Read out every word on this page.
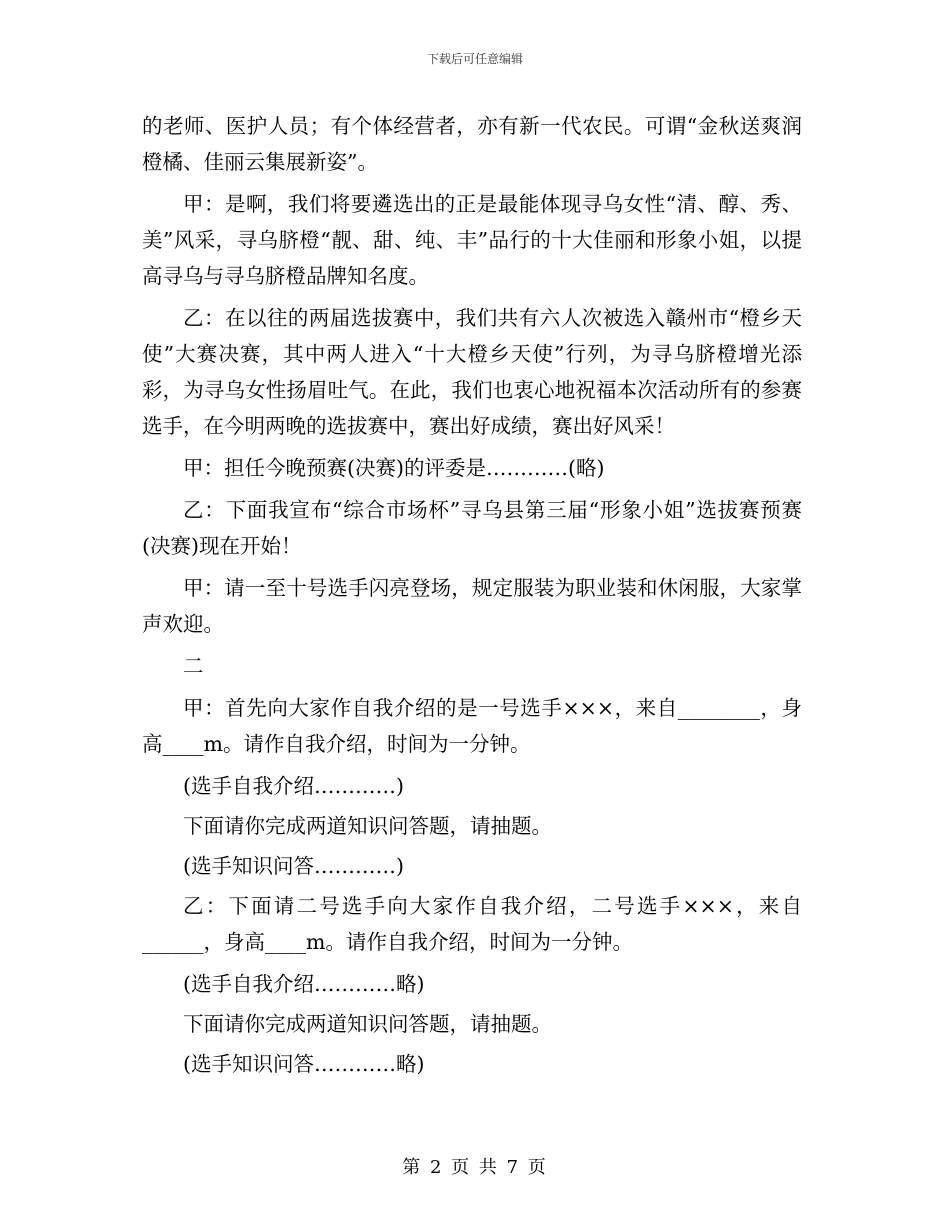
下载后可任意编辑

的老师、医护人员；有个体经营者，亦有新一代农民。可谓“金秋送爽润橙橘、佳丽云集展新姿”。

甲：是啊，我们将要遴选出的正是最能体现寻乌女性“清、醇、秀、美”风采，寻乌脐橙“靓、甜、纯、丰”品行的十大佳丽和形象小姐，以提高寻乌与寻乌脐橙品牌知名度。

乙：在以往的两届选拔赛中，我们共有六人次被选入赣州市“橙乡天使”大赛决赛，其中两人进入“十大橙乡天使”行列，为寻乌脐橙增光添彩，为寻乌女性扬眉吐气。在此，我们也衷心地祝福本次活动所有的参赛选手，在今明两晚的选拔赛中，赛出好成绩，赛出好风采！

甲：担任今晚预赛(决赛)的评委是…………(略)

乙：下面我宣布“综合市场杯”寻乌县第三届“形象小姐”选拔赛预赛(决赛)现在开始！

甲：请一至十号选手闪亮登场，规定服装为职业装和休闲服，大家掌声欢迎。

二

甲：首先向大家作自我介绍的是一号选手×××，来自________，身高____m。请作自我介绍，时间为一分钟。

(选手自我介绍…………)

下面请你完成两道知识问答题，请抽题。

(选手知识问答…………)

乙：下面请二号选手向大家作自我介绍，二号选手×××，来自______，身高____m。请作自我介绍，时间为一分钟。

(选手自我介绍…………略)

下面请你完成两道知识问答题，请抽题。

(选手知识问答…………略)

第 2 页 共 7 页
